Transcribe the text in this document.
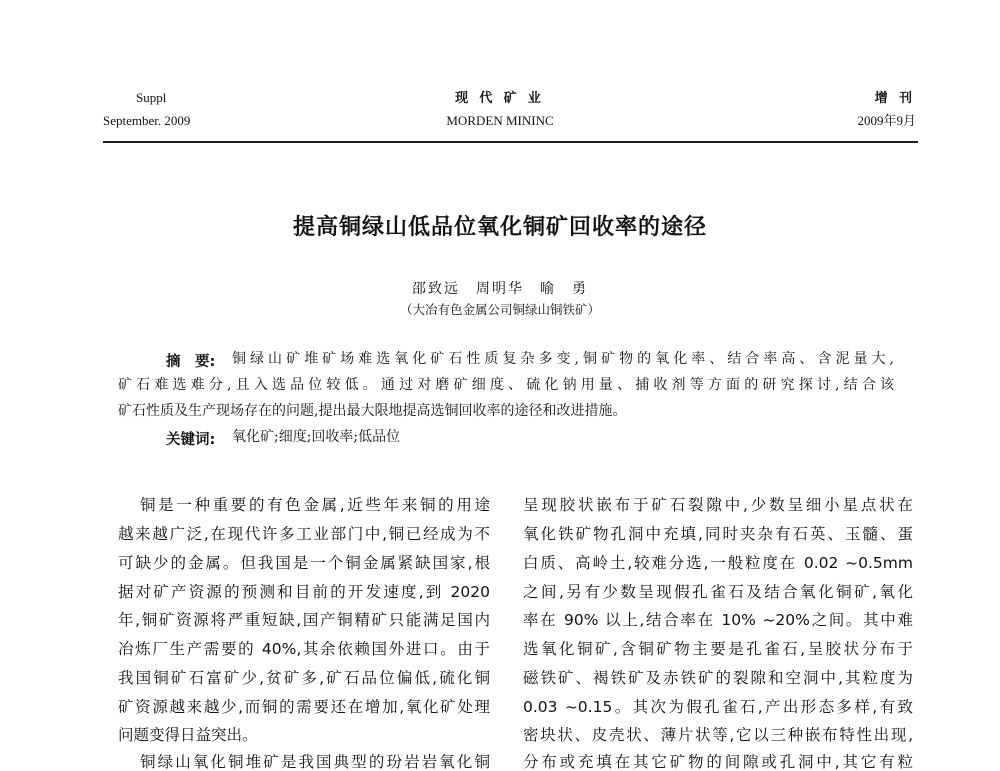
Suppl
September. 2009
现 代 矿 业
MORDEN MININC
增 刊
2009年9月
提高铜绿山低品位氧化铜矿回收率的途径
邵致远　周明华　喻　勇
（大冶有色金属公司铜绿山铜铁矿）
摘　要: 铜绿山矿堆矿场难选氧化矿石性质复杂多变,铜矿物的氧化率、结合率高、含泥量大,
矿石难选难分,且入选品位较低。通过对磨矿细度、硫化钠用量、捕收剂等方面的研究探讨,结合该
矿石性质及生产现场存在的问题,提出最大限地提高选铜回收率的途径和改进措施。
关键词: 氧化矿;细度;回收率;低品位
铜是一种重要的有色金属,近些年来铜的用途
越来越广泛,在现代许多工业部门中,铜已经成为不
可缺少的金属。但我国是一个铜金属紧缺国家,根
据对矿产资源的预测和目前的开发速度,到 2020
年,铜矿资源将严重短缺,国产铜精矿只能满足国内
冶炼厂生产需要的 40%,其余依赖国外进口。由于
我国铜矿石富矿少,贫矿多,矿石品位偏低,硫化铜
矿资源越来越少,而铜的需要还在增加,氧化矿处理
问题变得日益突出。
铜绿山氧化铜堆矿是我国典型的玢岩岩氧化铜
呈现胶状嵌布于矿石裂隙中,少数呈细小星点状在
氧化铁矿物孔洞中充填,同时夹杂有石英、玉髓、蛋
白质、高岭土,较难分选,一般粒度在 0.02 ~0.5mm
之间,另有少数呈现假孔雀石及结合氧化铜矿,氧化
率在 90% 以上,结合率在 10% ~20%之间。其中难
选氧化铜矿,含铜矿物主要是孔雀石,呈胶状分布于
磁铁矿、褐铁矿及赤铁矿的裂隙和空洞中,其粒度为
0.03 ~0.15。其次为假孔雀石,产出形态多样,有致
密块状、皮壳状、薄片状等,它以三种嵌布特性出现,
分布或充填在其它矿物的间隙或孔洞中,其它有粒
